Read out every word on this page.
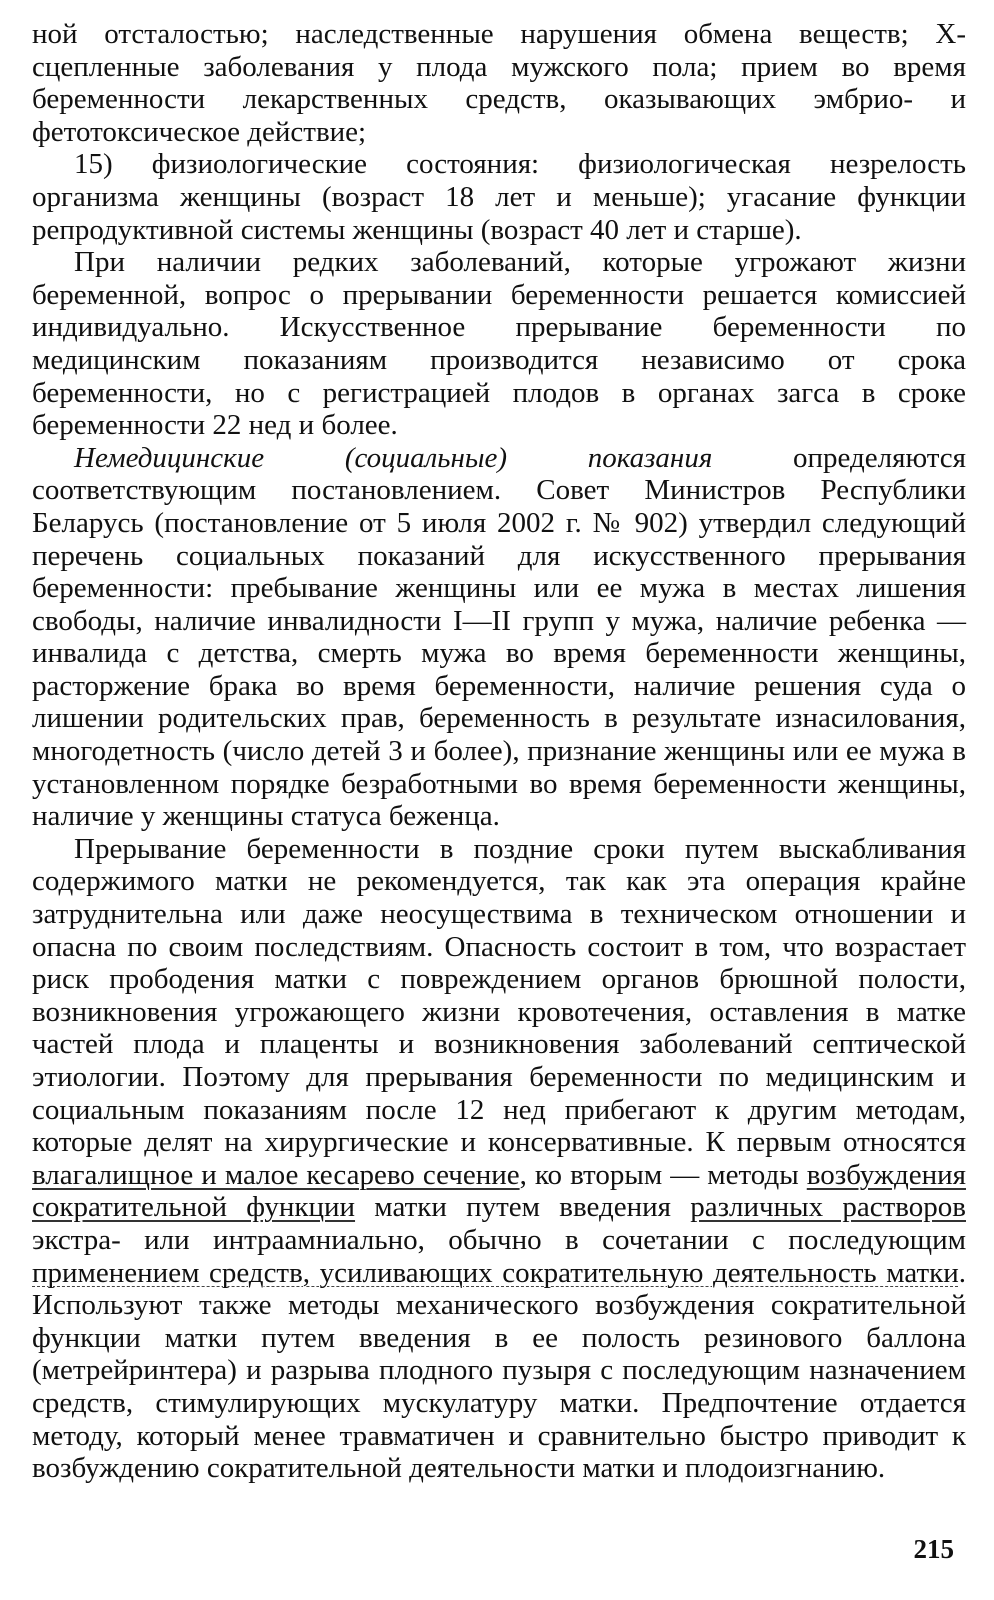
ной отсталостью; наследственные нарушения обмена веществ; Х-сцепленные заболевания у плода мужского пола; прием во время беременности лекарственных средств, оказывающих эмбрио- и фетотоксическое действие;

15) физиологические состояния: физиологическая незрелость организма женщины (возраст 18 лет и меньше); угасание функции репродуктивной системы женщины (возраст 40 лет и старше).

При наличии редких заболеваний, которые угрожают жизни беременной, вопрос о прерывании беременности решается комиссией индивидуально. Искусственное прерывание беременности по медицинским показаниям производится независимо от срока беременности, но с регистрацией плодов в органах загса в сроке беременности 22 нед и более.

Немедицинские (социальные) показания определяются соответствующим постановлением. Совет Министров Республики Беларусь (постановление от 5 июля 2002 г. № 902) утвердил следующий перечень социальных показаний для искусственного прерывания беременности: пребывание женщины или ее мужа в местах лишения свободы, наличие инвалидности I—II групп у мужа, наличие ребенка — инвалида с детства, смерть мужа во время беременности женщины, расторжение брака во время беременности, наличие решения суда о лишении родительских прав, беременность в результате изнасилования, многодетность (число детей 3 и более), признание женщины или ее мужа в установленном порядке безработными во время беременности женщины, наличие у женщины статуса беженца.

Прерывание беременности в поздние сроки путем выскабливания содержимого матки не рекомендуется, так как эта операция крайне затруднительна или даже неосуществима в техническом отношении и опасна по своим последствиям. Опасность состоит в том, что возрастает риск прободения матки с повреждением органов брюшной полости, возникновения угрожающего жизни кровотечения, оставления в матке частей плода и плаценты и возникновения заболеваний септической этиологии. Поэтому для прерывания беременности по медицинским и социальным показаниям после 12 нед прибегают к другим методам, которые делят на хирургические и консервативные. К первым относятся влагалищное и малое кесарево сечение, ко вторым — методы возбуждения сократительной функции матки путем введения различных растворов экстра- или интраамниально, обычно в сочетании с последующим применением средств, усиливающих сократительную деятельность матки. Используют также методы механического возбуждения сократительной функции матки путем введения в ее полость резинового баллона (метрейринтера) и разрыва плодного пузыря с последующим назначением средств, стимулирующих мускулатуру матки. Предпочтение отдается методу, который менее травматичен и сравнительно быстро приводит к возбуждению сократительной деятельности матки и плодоизгнанию.

215
